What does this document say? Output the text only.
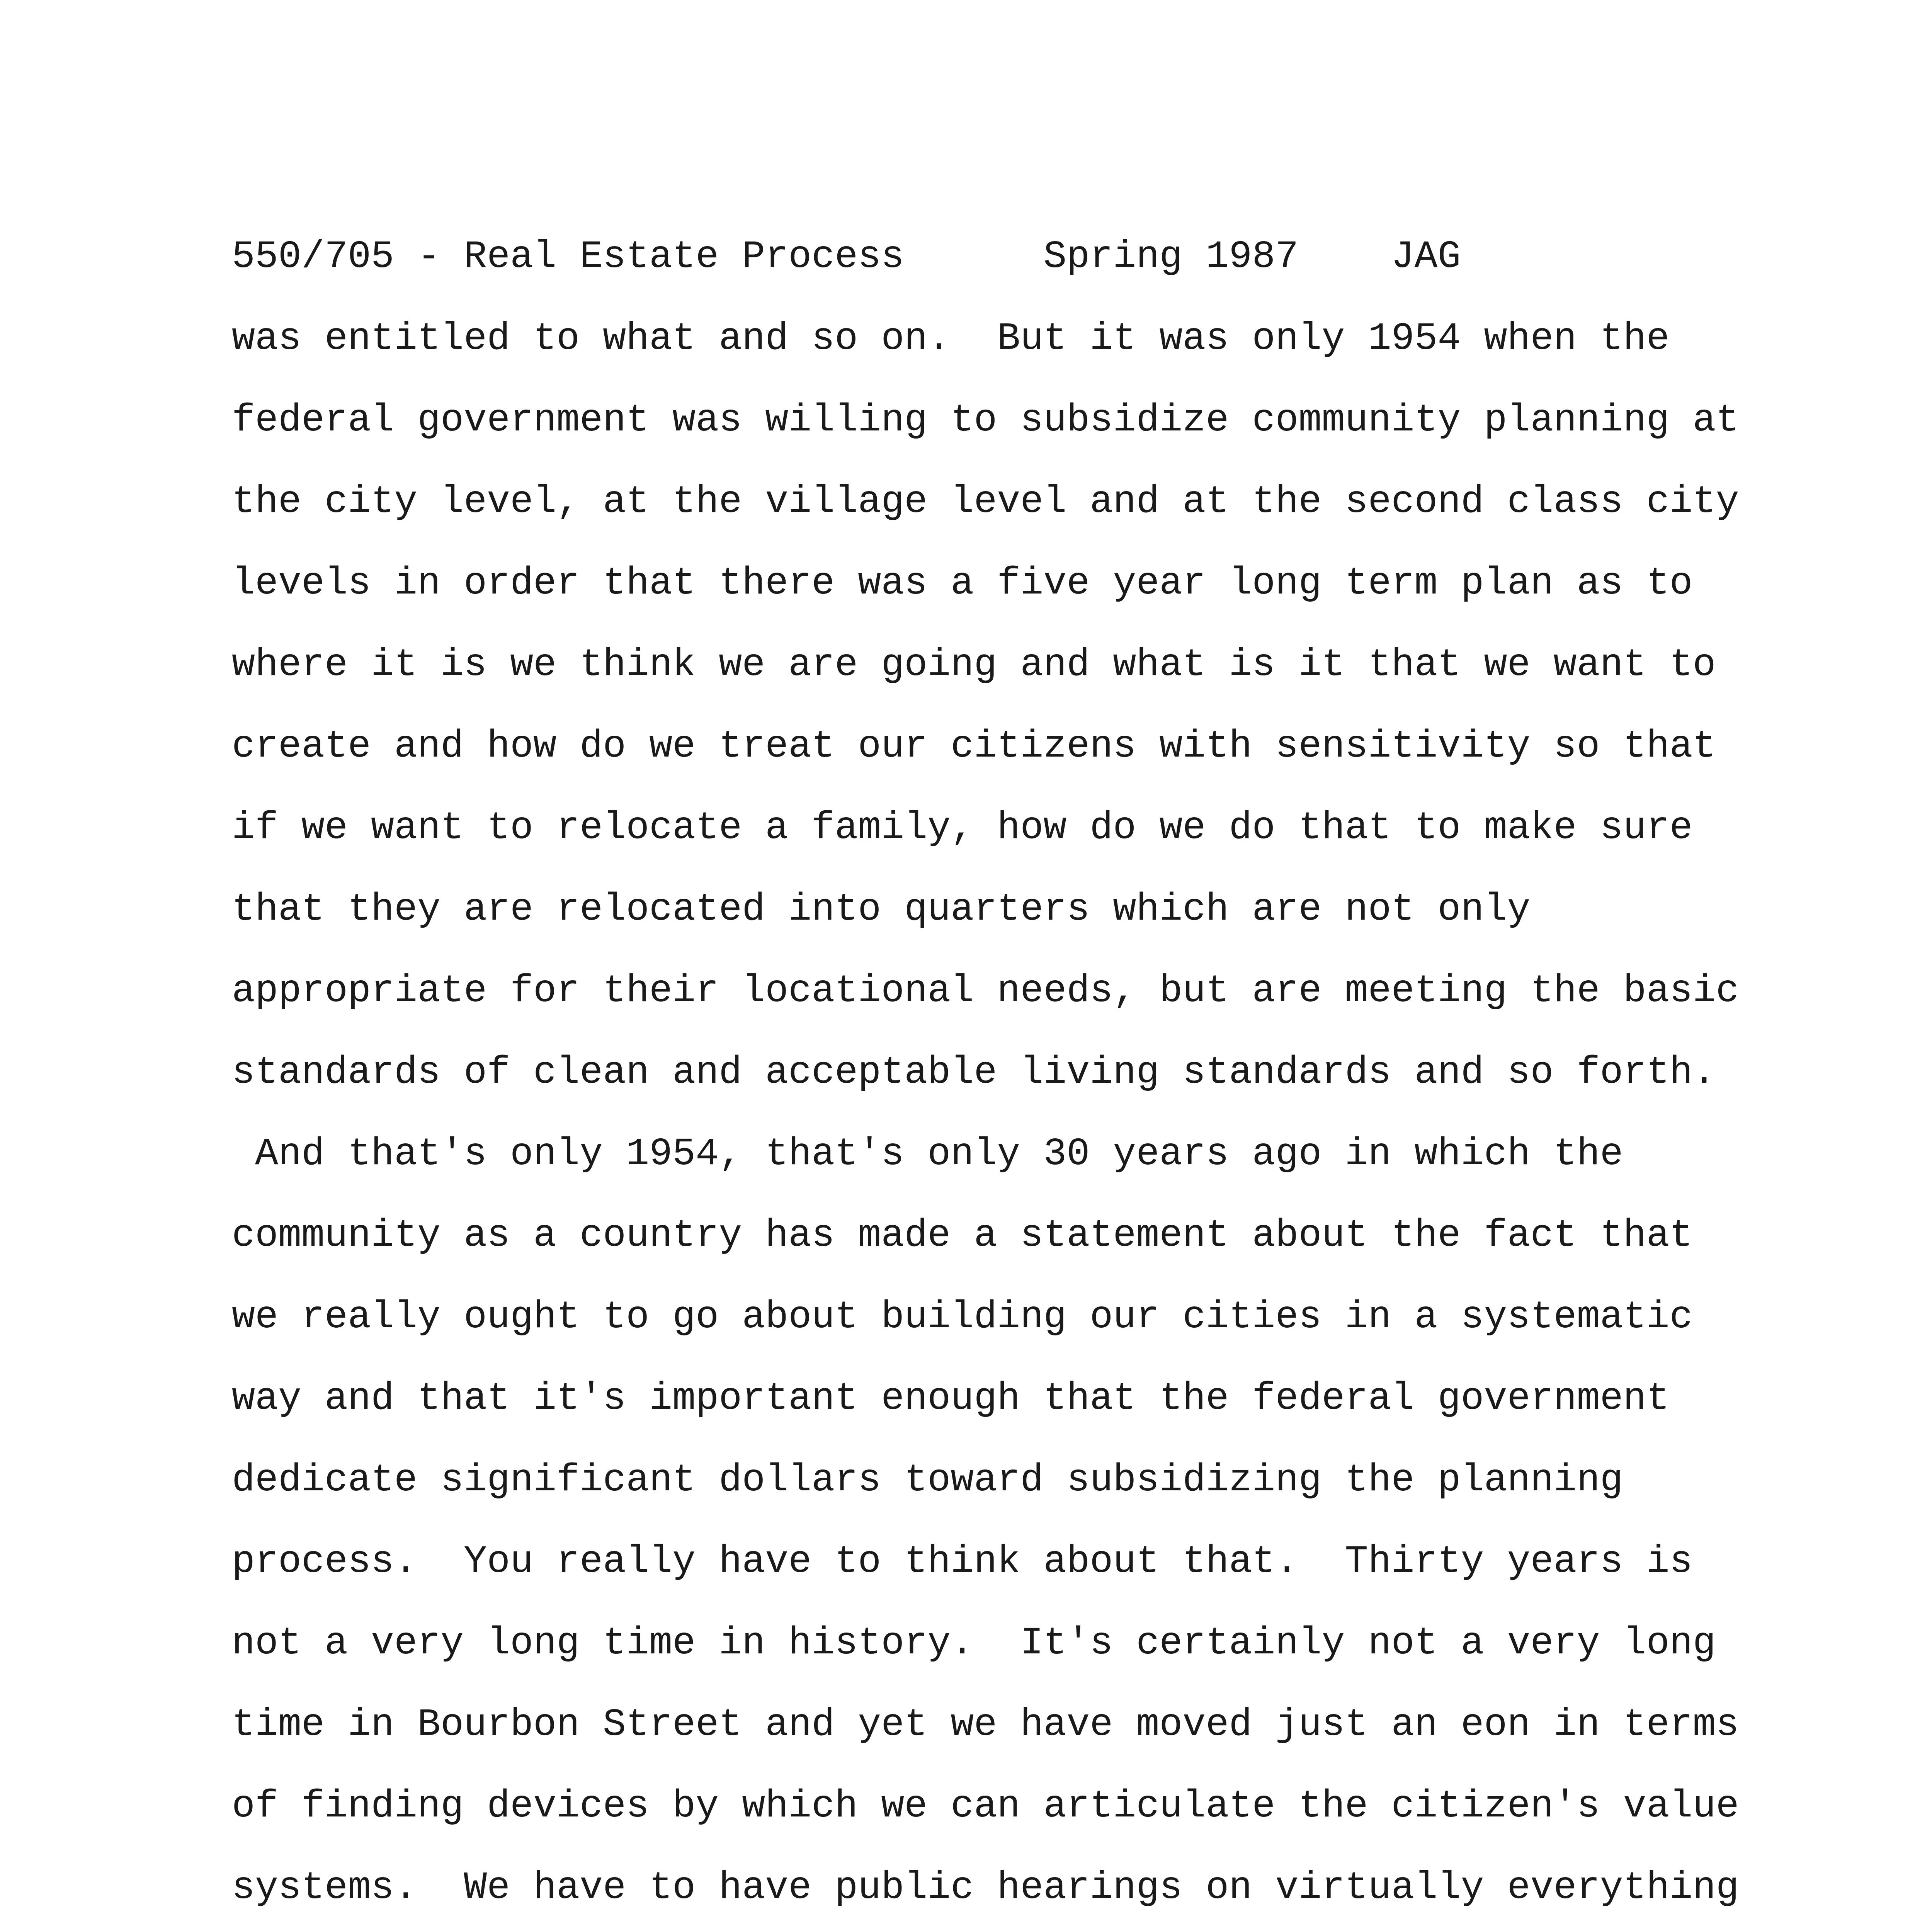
550/705 - Real Estate Process      Spring 1987    JAG
was entitled to what and so on.  But it was only 1954 when the
federal government was willing to subsidize community planning at
the city level, at the village level and at the second class city
levels in order that there was a five year long term plan as to
where it is we think we are going and what is it that we want to
create and how do we treat our citizens with sensitivity so that
if we want to relocate a family, how do we do that to make sure
that they are relocated into quarters which are not only
appropriate for their locational needs, but are meeting the basic
standards of clean and acceptable living standards and so forth.
And that's only 1954, that's only 30 years ago in which the
community as a country has made a statement about the fact that
we really ought to go about building our cities in a systematic
way and that it's important enough that the federal government
dedicate significant dollars toward subsidizing the planning
process.  You really have to think about that.  Thirty years is
not a very long time in history.  It's certainly not a very long
time in Bourbon Street and yet we have moved just an eon in terms
of finding devices by which we can articulate the citizen's value
systems.  We have to have public hearings on virtually everything
